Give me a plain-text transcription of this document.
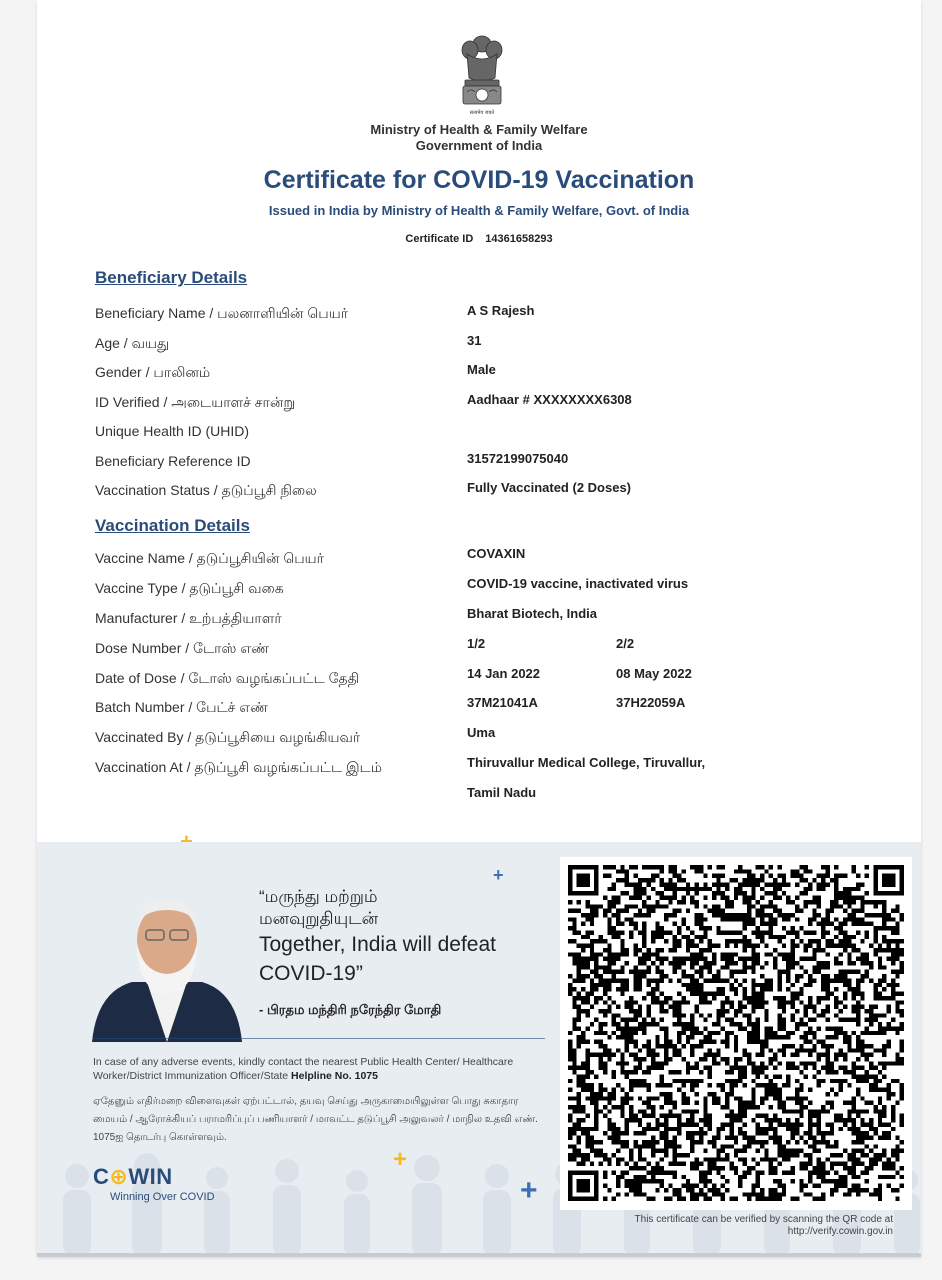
सत्यमेव जयते
Ministry of Health & Family Welfare
Government of India
Certificate for COVID-19 Vaccination
Issued in India by Ministry of Health & Family Welfare, Govt. of India
Certificate ID 14361658293
Beneficiary Details
Beneficiary Name / பலனாளியின் பெயர்	A S Rajesh
Age / வயது	31
Gender / பாலினம்	Male
ID Verified / அடையாளச் சான்று	Aadhaar # XXXXXXXX6308
Unique Health ID (UHID)
Beneficiary Reference ID	31572199075040
Vaccination Status / தடுப்பூசி நிலை	Fully Vaccinated (2 Doses)
Vaccination Details
Vaccine Name / தடுப்பூசியின் பெயர்	COVAXIN
Vaccine Type / தடுப்பூசி வகை	COVID-19 vaccine, inactivated virus
Manufacturer / உற்பத்தியாளர்	Bharat Biotech, India
Dose Number / டோஸ் எண்	1/2	2/2
Date of Dose / டோஸ் வழங்கப்பட்ட தேதி	14 Jan 2022	08 May 2022
Batch Number / பேட்ச் எண்	37M21041A	37H22059A
Vaccinated By / தடுப்பூசியை வழங்கியவர்	Uma
Vaccination At / தடுப்பூசி வழங்கப்பட்ட இடம்	Thiruvallur Medical College, Tiruvallur,
Tamil Nadu
“மருந்து மற்றும்
மனவுறுதியுடன்
Together, India will defeat COVID-19”
- பிரதம மந்திரி நரேந்திர மோதி
In case of any adverse events, kindly contact the nearest Public Health Center/ Healthcare Worker/District Immunization Officer/State Helpline No. 1075
ஏதேனும் எதிர்மறை விளைவுகள் ஏற்பட்டால், தயவு செய்து அருகாமையிலுள்ள பொது சுகாதார மையம் / ஆரோக்கியப் பராமரிப்புப் பணியாளர் / மாவட்ட தடுப்பூசி அலுவலர் / மாநில உதவி எண். 1075ஐ தொடர்பு கொள்ளவும்.
+
+
+
C⊕WIN
Winning Over COVID
This certificate can be verified by scanning the QR code at
http://verify.cowin.gov.in
